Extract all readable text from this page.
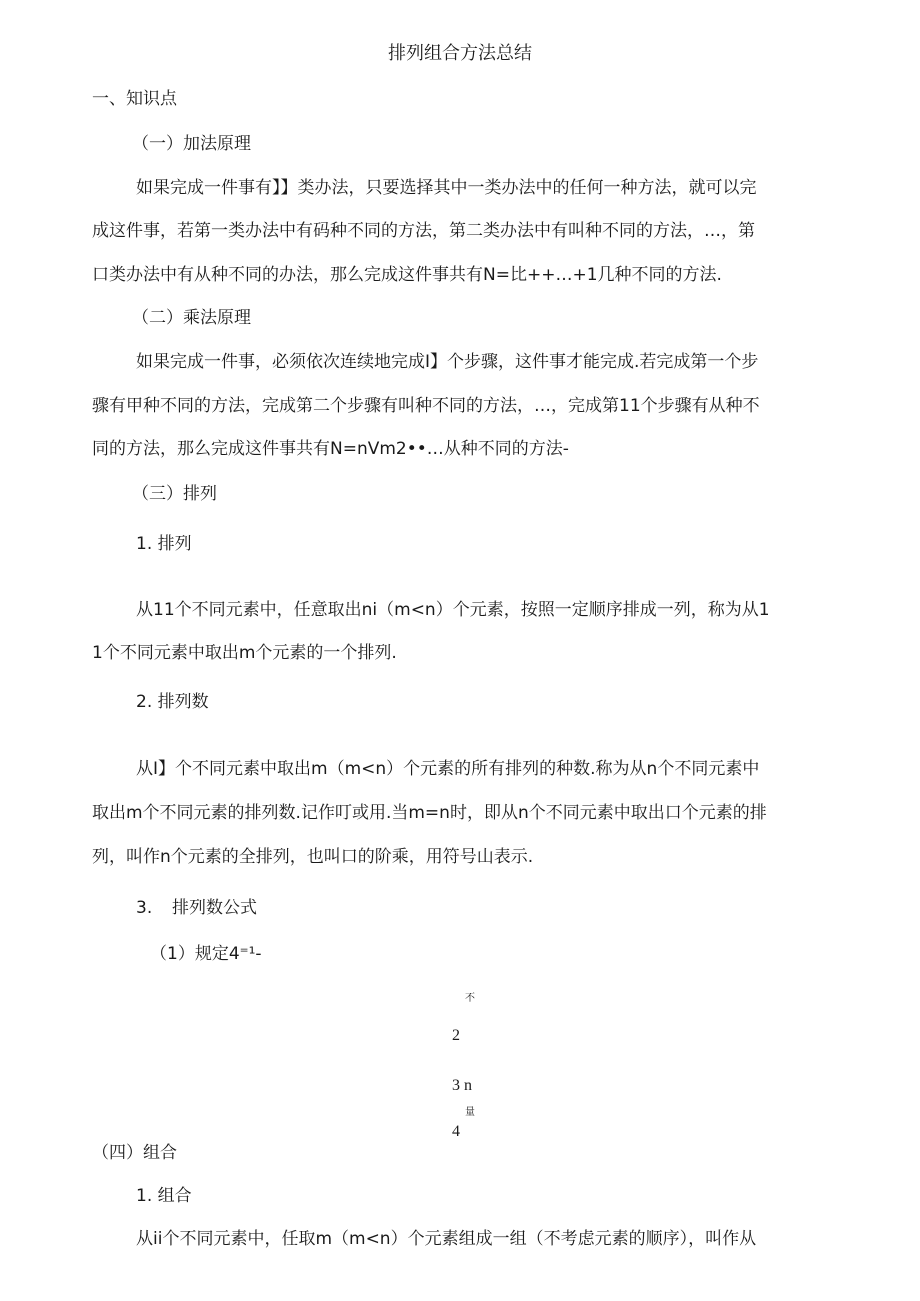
排列组合方法总结
一、知识点
（一）加法原理
如果完成一件事有】】类办法，只要选择其中一类办法中的任何一种方法，就可以完
成这件事，若第一类办法中有码种不同的方法，第二类办法中有叫种不同的方法，…，第
口类办法中有从种不同的办法，那么完成这件事共有N=比++…+1几种不同的方法.
（二）乘法原理
如果完成一件事，必须依次连续地完成I】个步骤，这件事才能完成.若完成第一个步
骤有甲种不同的方法，完成第二个步骤有叫种不同的方法，…，完成第11个步骤有从种不
同的方法，那么完成这件事共有N=nVm2••…从种不同的方法-
（三）排列
1. 排列
从11个不同元素中，任意取出ni（m<n）个元素，按照一定顺序排成一列，称为从1
1个不同元素中取出m个元素的一个排列.
2. 排列数
从I】个不同元素中取出m（m<n）个元素的所有排列的种数.称为从n个不同元素中
取出m个不同元素的排列数.记作叮或用.当m=n时，即从n个不同元素中取出口个元素的排
列，叫作n个元素的全排列，也叫口的阶乘，用符号山表示.
3. 排列数公式
（1）规定4⁼¹-
不
2
3 n
量
4
（四）组合
1. 组合
从ii个不同元素中，任取m（m<n）个元素组成一组（不考虑元素的顺序），叫作从
